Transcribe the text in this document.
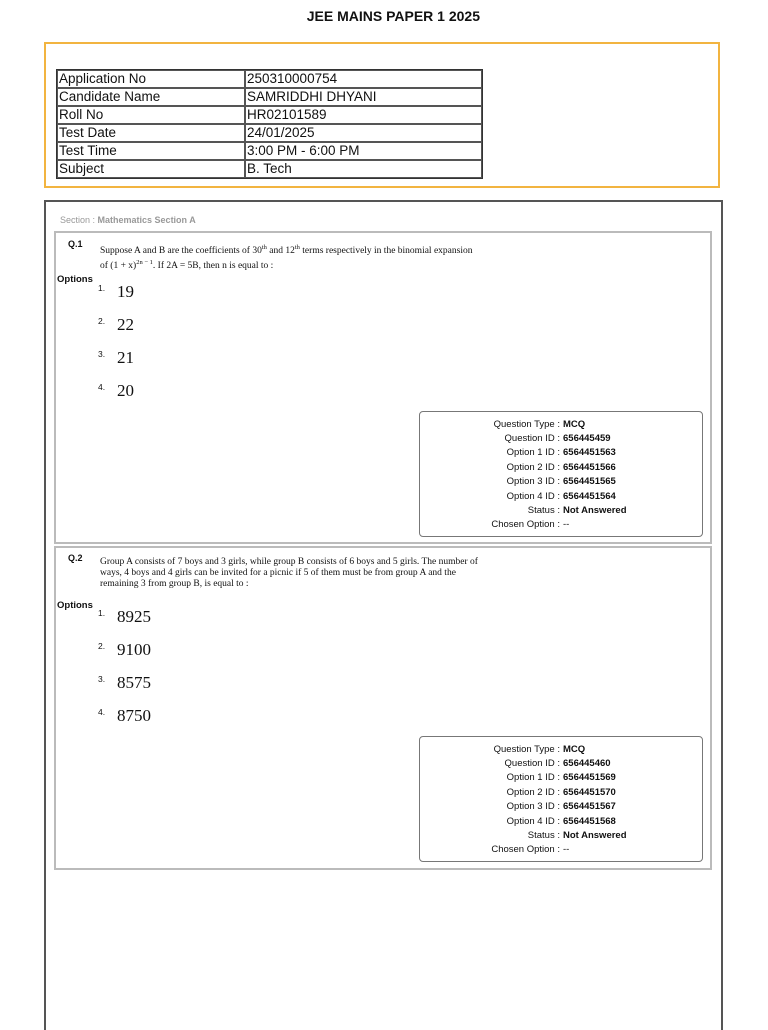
JEE MAINS PAPER 1 2025
Application No	250310000754
Candidate Name	SAMRIDDHI DHYANI
Roll No	HR02101589
Test Date	24/01/2025
Test Time	3:00 PM - 6:00 PM
Subject	B. Tech
Section : Mathematics Section A
Q.1
Suppose A and B are the coefficients of 30th and 12th terms respectively in the binomial expansion
of $(1 + x)^{2n - 1}$. If 2A = 5B, then n is equal to :
Options
1. 19
2. 22
3. 21
4. 20
Question Type : MCQ
Question ID : 656445459
Option 1 ID : 6564451563
Option 2 ID : 6564451566
Option 3 ID : 6564451565
Option 4 ID : 6564451564
Status : Not Answered
Chosen Option : --
Q.2 Group A consists of 7 boys and 3 girls, while group B consists of 6 boys and 5 girls. The number of
ways, 4 boys and 4 girls can be invited for a picnic if 5 of them must be from group A and the
remaining 3 from group B, is equal to :
Options
1. 8925
2. 9100
3. 8575
4. 8750
Question Type : MCQ
Question ID : 656445460
Option 1 ID : 6564451569
Option 2 ID : 6564451570
Option 3 ID : 6564451567
Option 4 ID : 6564451568
Status : Not Answered
Chosen Option : --
